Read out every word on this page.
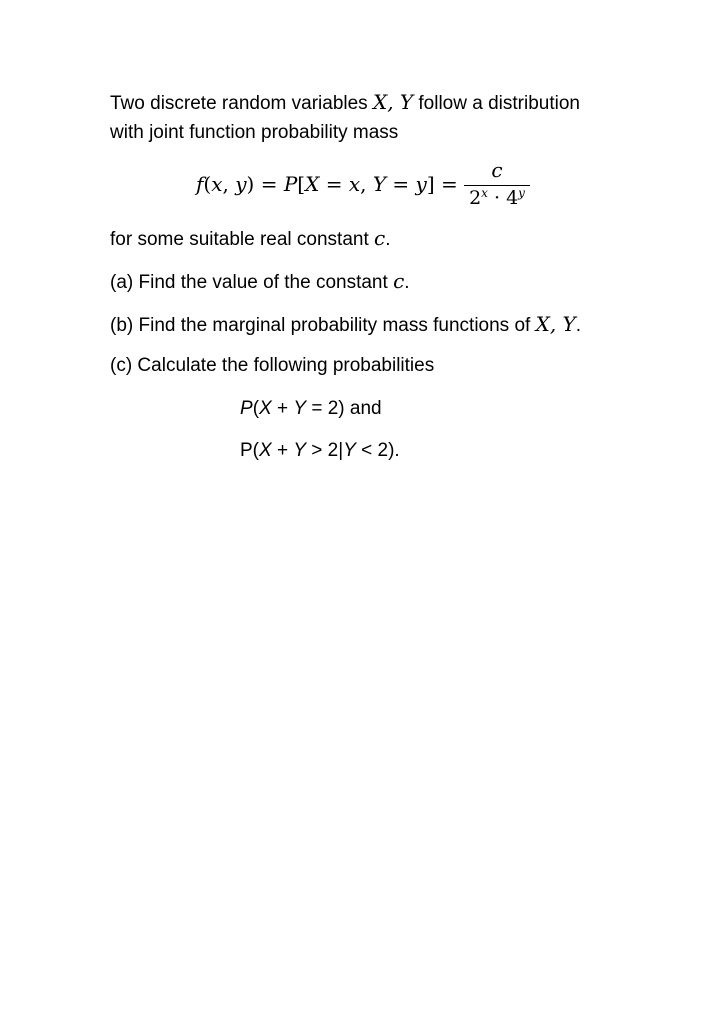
Two discrete random variables X, Y follow a distribution
with joint function probability mass
f(x, y) = P[X = x, Y = y] =
c
$2^x \cdot 4^y$
for some suitable real constant c.
(a) Find the value of the constant c.
(b) Find the marginal probability mass functions of X, Y.
(c) Calculate the following probabilities
P(X + Y = 2) and
P(X + Y > 2|Y < 2).
